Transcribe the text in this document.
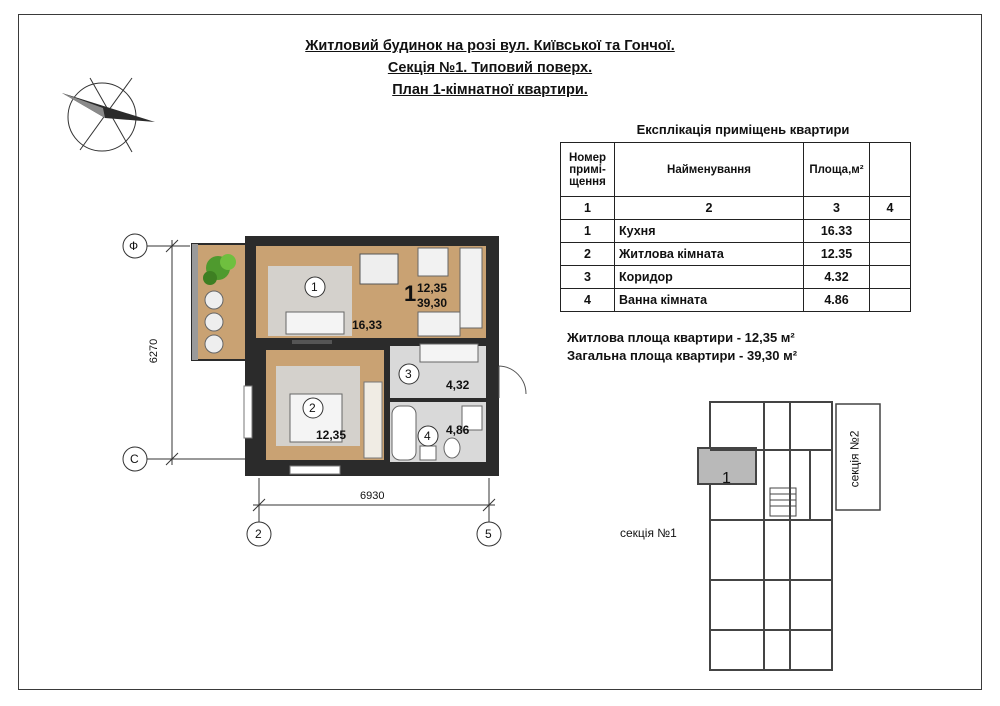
Житловий будинок на розі вул. Київської та Гончої.
Секція №1. Типовий поверх.
План 1-кімнатної квартири.
Ф
С
2	5
6270
6930
1 12,35
39,30
1
16,33
2
12,35
3
4,32
4 4,86
секція №1
секція №2
1
Експлікація приміщень квартири
Номер примі-щення	Найменування	Площа,м²	
1	2	3	4
1	Кухня	16.33	
2	Житлова кімната	12.35	
3	Коридор	4.32	
4	Ванна кімната	4.86	
Житлова площа квартири - 12,35 м²
Загальна площа квартири - 39,30 м²
